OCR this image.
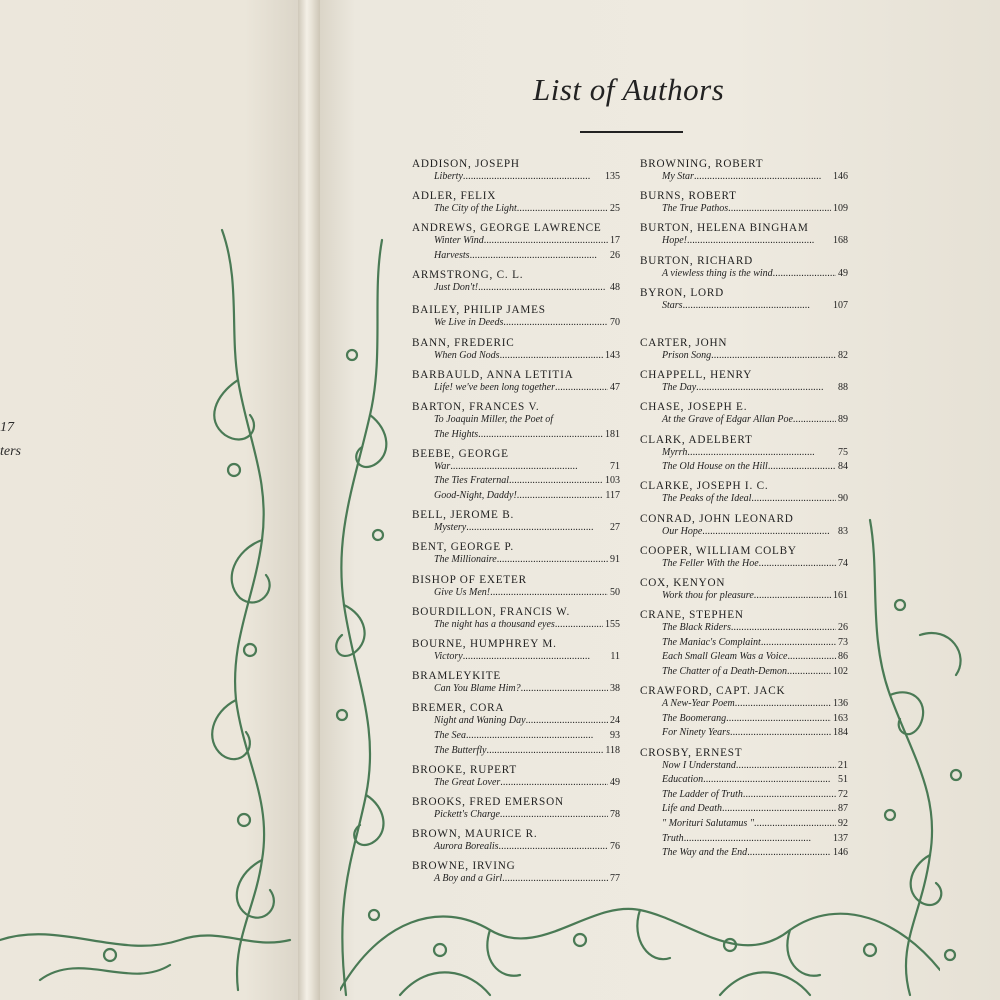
17
ters
List of Authors
ADDISON, JOSEPH
Liberty . . .	135
ADLER, FELIX
The City of the Light . . .	25
ANDREWS, GEORGE LAWRENCE
Winter Wind . . .	17
Harvests . . .	26
ARMSTRONG, C. L.
Just Don't! . . .	48
BAILEY, PHILIP JAMES
We Live in Deeds . . .	70
BANN, FREDERIC
When God Nods . . .	143
BARBAULD, ANNA LETITIA
Life! we've been long together . . .	47
BARTON, FRANCES V.
To Joaquin Miller, the Poet of
The Hights . . .	181
BEEBE, GEORGE
War . . .	71
The Ties Fraternal . . .	103
Good-Night, Daddy! . . .	117
BELL, JEROME B.
Mystery . . .	27
BENT, GEORGE P.
The Millionaire . . .	91
BISHOP OF EXETER
Give Us Men! . . .	50
BOURDILLON, FRANCIS W.
The night has a thousand eyes . . .	155
BOURNE, HUMPHREY M.
Victory . . .	11
BRAMLEYKITE
Can You Blame Him? . . .	38
BREMER, CORA
Night and Waning Day . . .	24
The Sea . . .	93
The Butterfly . . .	118
BROOKE, RUPERT
The Great Lover . . .	49
BROOKS, FRED EMERSON
Pickett's Charge . . .	78
BROWN, MAURICE R.
Aurora Borealis . . .	76
BROWNE, IRVING
A Boy and a Girl . . .	77
BROWNING, ROBERT
My Star . . .	146
BURNS, ROBERT
The True Pathos . . .	109
BURTON, HELENA BINGHAM
Hope! . . .	168
BURTON, RICHARD
A viewless thing is the wind . . .	49
BYRON, LORD
Stars . . .	107
CARTER, JOHN
Prison Song . . .	82
CHAPPELL, HENRY
The Day . . .	88
CHASE, JOSEPH E.
At the Grave of Edgar Allan Poe . . .	89
CLARK, ADELBERT
Myrrh . . .	75
The Old House on the Hill . . .	84
CLARKE, JOSEPH I. C.
The Peaks of the Ideal . . .	90
CONRAD, JOHN LEONARD
Our Hope . . .	83
COOPER, WILLIAM COLBY
The Feller With the Hoe . . .	74
COX, KENYON
Work thou for pleasure . . .	161
CRANE, STEPHEN
The Black Riders . . .	26
The Maniac's Complaint . . .	73
Each Small Gleam Was a Voice . . .	86
The Chatter of a Death-Demon . . .	102
CRAWFORD, CAPT. JACK
A New-Year Poem . . .	136
The Boomerang . . .	163
For Ninety Years . . .	184
CROSBY, ERNEST
Now I Understand . . .	21
Education . . .	51
The Ladder of Truth . . .	72
Life and Death . . .	87
" Morituri Salutamus " . . .	92
Truth . . .	137
The Way and the End . . .	146
